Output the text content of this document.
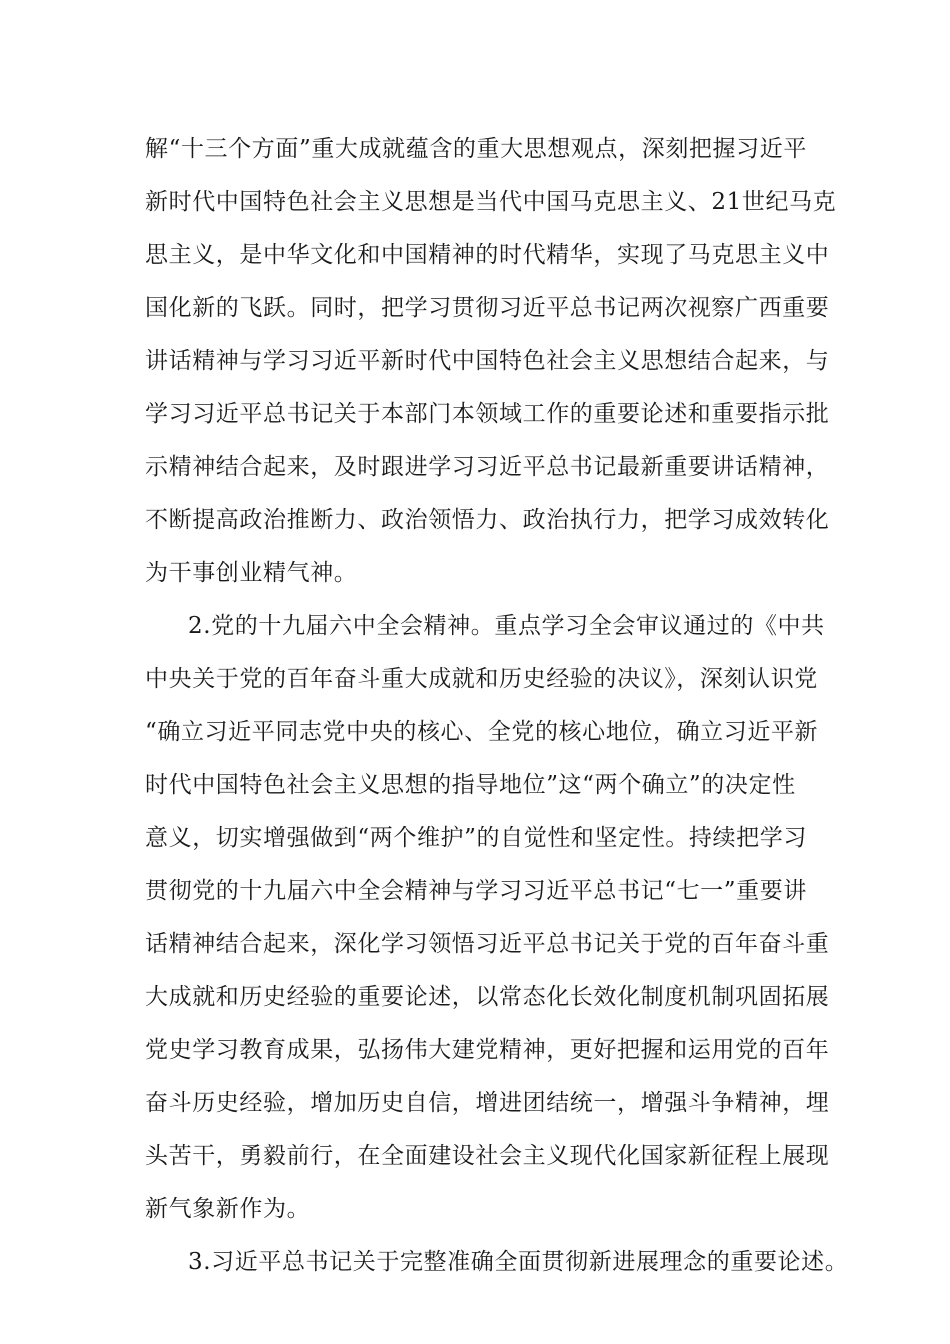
解“十三个方面”重大成就蕴含的重大思想观点，深刻把握习近平
新时代中国特色社会主义思想是当代中国马克思主义、21世纪马克
思主义，是中华文化和中国精神的时代精华，实现了马克思主义中
国化新的飞跃。同时，把学习贯彻习近平总书记两次视察广西重要
讲话精神与学习习近平新时代中国特色社会主义思想结合起来，与
学习习近平总书记关于本部门本领域工作的重要论述和重要指示批
示精神结合起来，及时跟进学习习近平总书记最新重要讲话精神，
不断提高政治推断力、政治领悟力、政治执行力，把学习成效转化
为干事创业精气神。
2.党的十九届六中全会精神。重点学习全会审议通过的《中共
中央关于党的百年奋斗重大成就和历史经验的决议》，深刻认识党
“确立习近平同志党中央的核心、全党的核心地位，确立习近平新
时代中国特色社会主义思想的指导地位”这“两个确立”的决定性
意义，切实增强做到“两个维护”的自觉性和坚定性。持续把学习
贯彻党的十九届六中全会精神与学习习近平总书记“七一”重要讲
话精神结合起来，深化学习领悟习近平总书记关于党的百年奋斗重
大成就和历史经验的重要论述，以常态化长效化制度机制巩固拓展
党史学习教育成果，弘扬伟大建党精神，更好把握和运用党的百年
奋斗历史经验，增加历史自信，增进团结统一，增强斗争精神，埋
头苦干，勇毅前行，在全面建设社会主义现代化国家新征程上展现
新气象新作为。
3.习近平总书记关于完整准确全面贯彻新进展理念的重要论述。
